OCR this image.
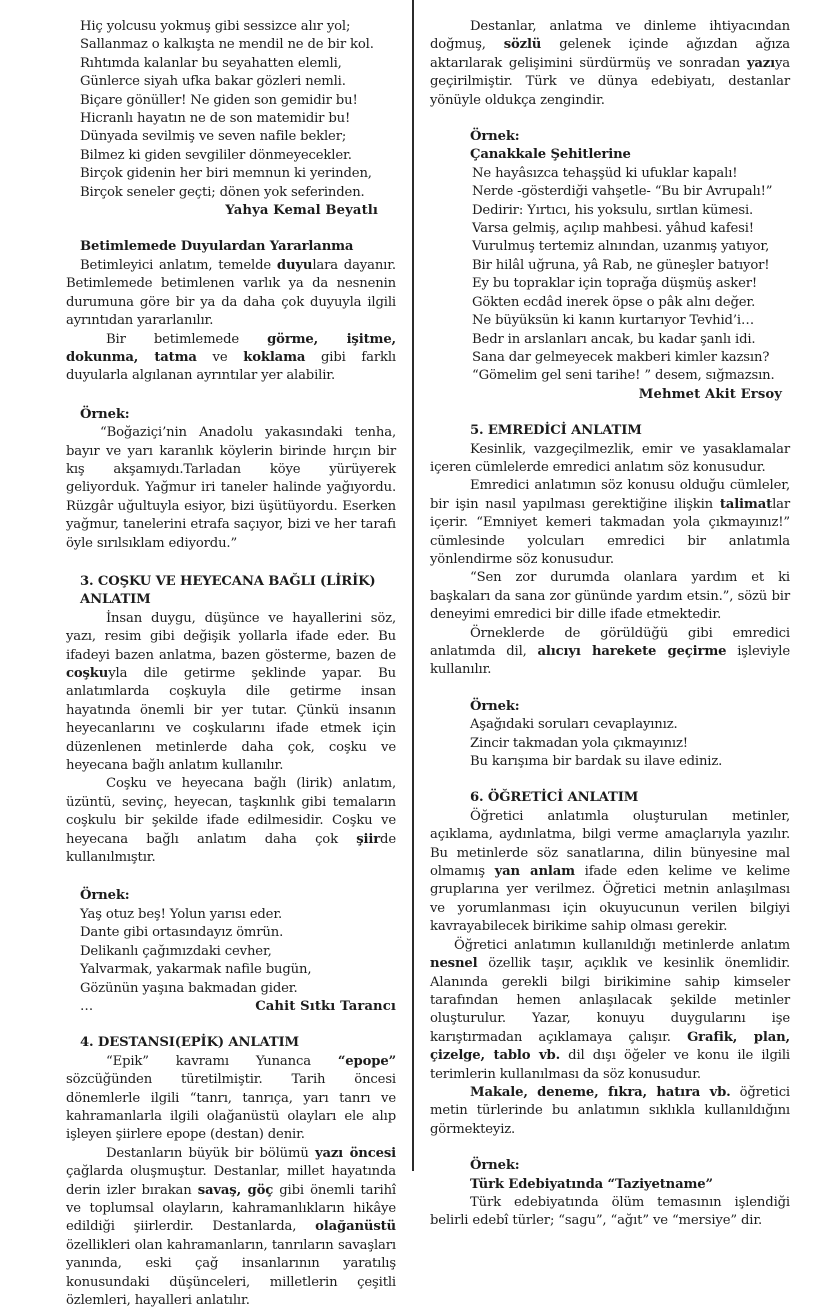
Hiç yolcusu yokmuş gibi sessizce alır yol;
Sallanmaz o kalkışta ne mendil ne de bir kol.
Rıhtımda kalanlar bu seyahatten elemli,
Günlerce siyah ufka bakar gözleri nemli.
Biçare gönüller! Ne giden son gemidir bu!
Hicranlı hayatın ne de son matemidir bu!
Dünyada sevilmiş ve seven nafile bekler;
Bilmez ki giden sevgililer dönmeyecekler.
Birçok gidenin her biri memnun ki yerinden,
Birçok seneler geçti; dönen yok seferinden.
Yahya Kemal Beyatlı
Betimlemede Duyulardan Yararlanma

Betimleyici anlatım, temelde duyulara dayanır. Betimlemede betimlenen varlık ya da nesnenin durumuna göre bir ya da daha çok duyuyla ilgili ayrıntıdan yararlanılır.

Bir betimlemede görme, işitme, dokunma, tatma ve koklama gibi farklı duyularla algılanan ayrıntılar yer alabilir.

Örnek:

“Boğaziçi’nin Anadolu yakasındaki tenha, bayır ve yarı karanlık köylerin birinde hırçın bir kış akşamıydı.Tarladan köye yürüyerek geliyorduk. Yağmur iri taneler halinde yağıyordu. Rüzgâr uğultuyla esiyor, bizi üşütüyordu. Eserken yağmur, tanelerini etrafa saçıyor, bizi ve her tarafı öyle sırılsıklam ediyordu.”

3. COŞKU VE HEYECANA BAĞLI (LİRİK)
ANLATIM

İnsan duygu, düşünce ve hayallerini söz, yazı, resim gibi değişik yollarla ifade eder. Bu ifadeyi bazen anlatma, bazen gösterme, bazen de coşkuyla dile getirme şeklinde yapar. Bu anlatımlarda coşkuyla dile getirme insan hayatında önemli bir yer tutar. Çünkü insanın heyecanlarını ve coşkularını ifade etmek için düzenlenen metinlerde daha çok, coşku ve heyecana bağlı anlatım kullanılır.

Coşku ve heyecana bağlı (lirik) anlatım, üzüntü, sevinç, heyecan, taşkınlık gibi temaların coşkulu bir şekilde ifade edilmesidir. Coşku ve heyecana bağlı anlatım daha çok şiirde kullanılmıştır.

Örnek:
Yaş otuz beş! Yolun yarısı eder.
Dante gibi ortasındayız ömrün.
Delikanlı çağımızdaki cevher,
Yalvarmak, yakarmak nafile bugün,
Gözünün yaşına bakmadan gider.
…	Cahit Sıtkı Tarancı
4. DESTANSI(EPİK) ANLATIM

“Epik” kavramı Yunanca “epope” sözcüğünden türetilmiştir. Tarih öncesi dönemlerle ilgili “tanrı, tanrıça, yarı tanrı ve kahramanlarla ilgili olağanüstü olayları ele alıp işleyen şiirlere epope (destan) denir.

Destanların büyük bir bölümü yazı öncesi çağlarda oluşmuştur. Destanlar, millet hayatında derin izler bırakan savaş, göç gibi önemli tarihî ve toplumsal olayların, kahramanlıkların hikâye edildiği şiirlerdir. Destanlarda, olağanüstü özellikleri olan kahramanların, tanrıların savaşları yanında, eski çağ insanlarının yaratılış konusundaki düşünceleri, milletlerin çeşitli özlemleri, hayalleri anlatılır.

Destanlar, anlatma ve dinleme ihtiyacından doğmuş, sözlü gelenek içinde ağızdan ağıza aktarılarak gelişimini sürdürmüş ve sonradan yazıya geçirilmiştir. Türk ve dünya edebiyatı, destanlar yönüyle oldukça zengindir.

Örnek:
Çanakkale Şehitlerine
Ne hayâsızca tehaşşüd ki ufuklar kapalı!
Nerde -gösterdiği vahşetle- “Bu bir Avrupalı!”
Dedirir: Yırtıcı, his yoksulu, sırtlan kümesi.
Varsa gelmiş, açılıp mahbesi. yâhud kafesi!
Vurulmuş tertemiz alnından, uzanmış yatıyor,
Bir hilâl uğruna, yâ Rab, ne güneşler batıyor!
Ey bu topraklar için toprağa düşmüş asker!
Gökten ecdâd inerek öpse o pâk alnı değer.
Ne büyüksün ki kanın kurtarıyor Tevhid’i…
Bedr in arslanları ancak, bu kadar şanlı idi.
Sana dar gelmeyecek makberi kimler kazsın?
“Gömelim gel seni tarihe! ” desem, sığmazsın.
Mehmet Akit Ersoy
5. EMREDİCİ ANLATIM

Kesinlik, vazgeçilmezlik, emir ve yasaklamalar içeren cümlelerde emredici anlatım söz konusudur.

Emredici anlatımın söz konusu olduğu cümleler, bir işin nasıl yapılması gerektiğine ilişkin talimatlar içerir. “Emniyet kemeri takmadan yola çıkmayınız!” cümlesinde yolcuları emredici bir anlatımla yönlendirme söz konusudur.

“Sen zor durumda olanlara yardım et ki başkaları da sana zor gününde yardım etsin.”, sözü bir deneyimi emredici bir dille ifade etmektedir.

Örneklerde de görüldüğü gibi emredici anlatımda dil, alıcıyı harekete geçirme işleviyle kullanılır.

Örnek:
Aşağıdaki soruları cevaplayınız.
Zincir takmadan yola çıkmayınız!
Bu karışıma bir bardak su ilave ediniz.
6. ÖĞRETİCİ ANLATIM

Öğretici anlatımla oluşturulan metinler, açıklama, aydınlatma, bilgi verme amaçlarıyla yazılır. Bu metinlerde söz sanatlarına, dilin bünyesine mal olmamış yan anlam ifade eden kelime ve kelime gruplarına yer verilmez. Öğretici metnin anlaşılması ve yorumlanması için okuyucunun verilen bilgiyi kavrayabilecek birikime sahip olması gerekir.

Öğretici anlatımın kullanıldığı metinlerde anlatım nesnel özellik taşır, açıklık ve kesinlik önemlidir. Alanında gerekli bilgi birikimine sahip kimseler tarafından hemen anlaşılacak şekilde metinler oluşturulur. Yazar, konuyu duygularını işe karıştırmadan açıklamaya çalışır. Grafik, plan, çizelge, tablo vb. dil dışı öğeler ve konu ile ilgili terimlerin kullanılması da söz konusudur.

Makale, deneme, fıkra, hatıra vb. öğretici metin türlerinde bu anlatımın sıklıkla kullanıldığını görmekteyiz.

Örnek:
Türk Edebiyatında “Taziyetname”

Türk edebiyatında ölüm temasının işlendiği belirli edebî türler; “sagu”, “ağıt” ve “mersiye” dir.
